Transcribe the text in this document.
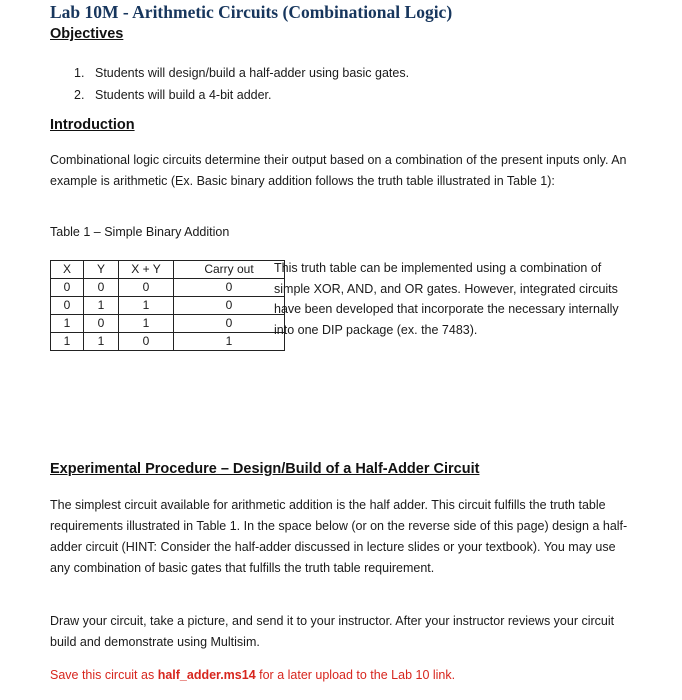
Lab 10M - Arithmetic Circuits (Combinational Logic)
Objectives
1. Students will design/build a half-adder using basic gates.
2. Students will build a 4-bit adder.
Introduction

Combinational logic circuits determine their output based on a combination of the present inputs only. An example is arithmetic (Ex. Basic binary addition follows the truth table illustrated in Table 1):

Table 1 – Simple Binary Addition

X	Y	X + Y	Carry out
0	0	0	0
0	1	1	0
1	0	1	0
1	1	0	1

This truth table can be implemented using a combination of simple XOR, AND, and OR gates. However, integrated circuits have been developed that incorporate the necessary internally into one DIP package (ex. the 7483).

Experimental Procedure – Design/Build of a Half-Adder Circuit

The simplest circuit available for arithmetic addition is the half adder. This circuit fulfills the truth table requirements illustrated in Table 1. In the space below (or on the reverse side of this page) design a half-adder circuit (HINT: Consider the half-adder discussed in lecture slides or your textbook). You may use any combination of basic gates that fulfills the truth table requirement.

Draw your circuit, take a picture, and send it to your instructor. After your instructor reviews your circuit build and demonstrate using Multisim.

Save this circuit as half_adder.ms14 for a later upload to the Lab 10 link.
